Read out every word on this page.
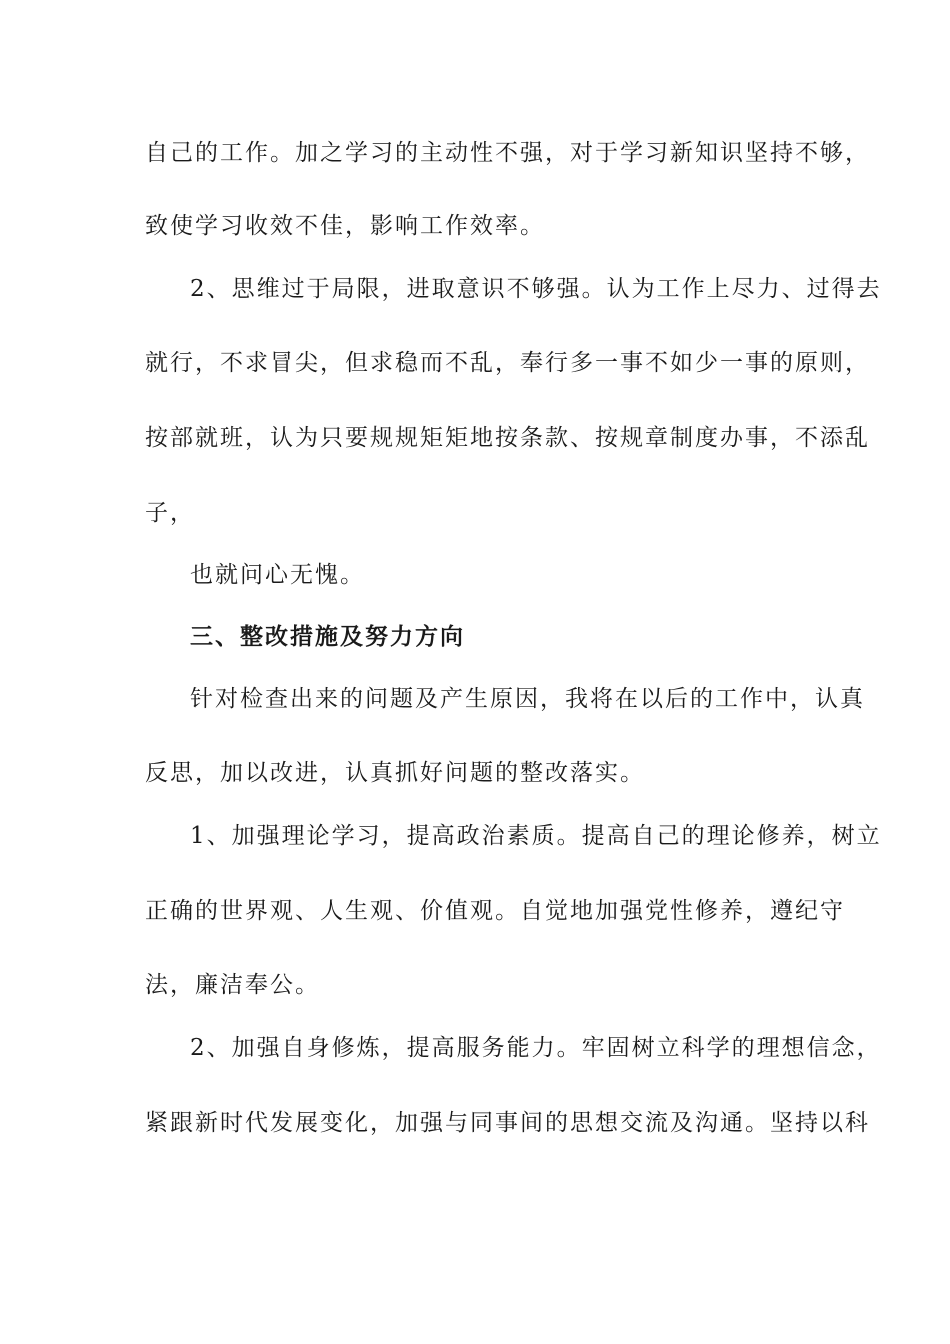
自己的工作。加之学习的主动性不强，对于学习新知识坚持不够，
致使学习收效不佳，影响工作效率。
2、思维过于局限，进取意识不够强。认为工作上尽力、过得去
就行，不求冒尖，但求稳而不乱，奉行多一事不如少一事的原则，
按部就班，认为只要规规矩矩地按条款、按规章制度办事，不添乱
子，
也就问心无愧。
三、整改措施及努力方向
针对检查出来的问题及产生原因，我将在以后的工作中，认真
反思，加以改进，认真抓好问题的整改落实。
1、加强理论学习，提高政治素质。提高自己的理论修养，树立
正确的世界观、人生观、价值观。自觉地加强党性修养，遵纪守
法，廉洁奉公。
2、加强自身修炼，提高服务能力。牢固树立科学的理想信念，
紧跟新时代发展变化，加强与同事间的思想交流及沟通。坚持以科
